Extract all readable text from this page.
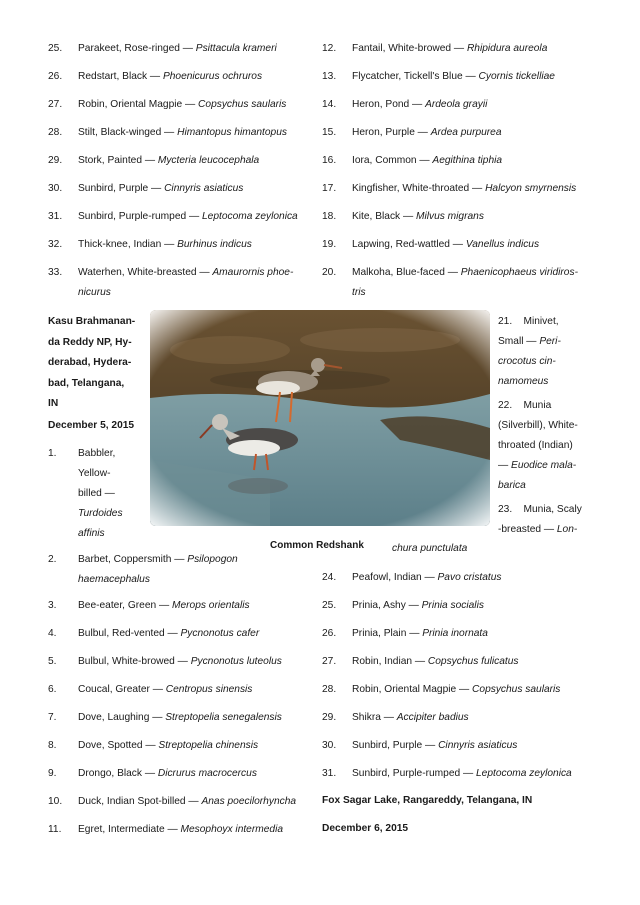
25. Parakeet, Rose-ringed — Psittacula krameri
26. Redstart, Black — Phoenicurus ochruros
27. Robin, Oriental Magpie — Copsychus saularis
28. Stilt, Black-winged — Himantopus himantopus
29. Stork, Painted — Mycteria leucocephala
30. Sunbird, Purple — Cinnyris asiaticus
31. Sunbird, Purple-rumped — Leptocoma zeylonica
32. Thick-knee, Indian — Burhinus indicus
33. Waterhen, White-breasted — Amaurornis phoe-
nicurus
12. Fantail, White-browed — Rhipidura aureola
13. Flycatcher, Tickell's Blue — Cyornis tickelliae
14. Heron, Pond — Ardeola grayii
15. Heron, Purple — Ardea purpurea
16. Iora, Common — Aegithina tiphia
17. Kingfisher, White-throated — Halcyon smyrnensis
18. Kite, Black — Milvus migrans
19. Lapwing, Red-wattled — Vanellus indicus
20. Malkoha, Blue-faced — Phaenicophaeus viridiros-
tris
Kasu Brahmanan-
da Reddy NP, Hy-
derabad, Hydera-
bad, Telangana,
IN
December 5, 2015
1. Babbler,
Yellow-
billed —
Turdoides
affinis
21. Minivet,
Small — Peri-
crocotus cin-
namomeus
22. Munia
(Silverbill), White-
throated (Indian)
— Euodice mala-
barica
23. Munia, Scaly
-breasted — Lon-
chura punctulata
Common Redshank
2. Barbet, Coppersmith — Psilopogon
haemacephalus
3. Bee-eater, Green — Merops orientalis
4. Bulbul, Red-vented — Pycnonotus cafer
5. Bulbul, White-browed — Pycnonotus luteolus
6. Coucal, Greater — Centropus sinensis
7. Dove, Laughing — Streptopelia senegalensis
8. Dove, Spotted — Streptopelia chinensis
9. Drongo, Black — Dicrurus macrocercus
10. Duck, Indian Spot-billed — Anas poecilorhyncha
11. Egret, Intermediate — Mesophoyx intermedia
24. Peafowl, Indian — Pavo cristatus
25. Prinia, Ashy — Prinia socialis
26. Prinia, Plain — Prinia inornata
27. Robin, Indian — Copsychus fulicatus
28. Robin, Oriental Magpie — Copsychus saularis
29. Shikra — Accipiter badius
30. Sunbird, Purple — Cinnyris asiaticus
31. Sunbird, Purple-rumped — Leptocoma zeylonica
Fox Sagar Lake, Rangareddy, Telangana, IN
December 6, 2015
